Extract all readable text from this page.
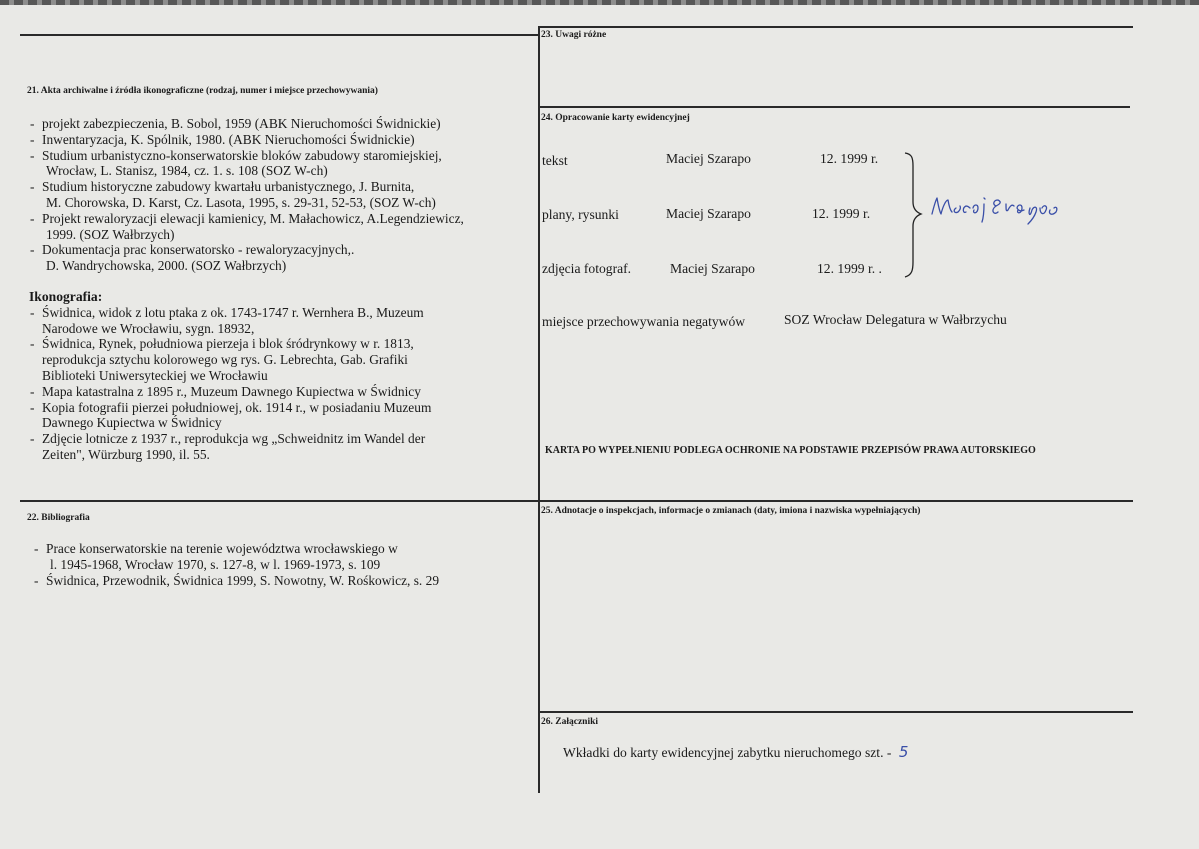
21. Akta archiwalne i źródła ikonograficzne (rodzaj, numer i miejsce przechowywania)
- projekt zabezpieczenia, B. Sobol, 1959 (ABK Nieruchomości Świdnickie)
- Inwentaryzacja, K. Spólnik, 1980. (ABK Nieruchomości Świdnickie)
- Studium urbanistyczno-konserwatorskie bloków zabudowy staromiejskiej,
Wrocław, L. Stanisz, 1984, cz. 1. s. 108 (SOZ W-ch)
- Studium historyczne zabudowy kwartału urbanistycznego, J. Burnita,
M. Chorowska, D. Karst, Cz. Lasota, 1995, s. 29-31, 52-53, (SOZ W-ch)
- Projekt rewaloryzacji elewacji kamienicy, M. Małachowicz, A.Legendziewicz,
1999. (SOZ Wałbrzych)
- Dokumentacja prac konserwatorsko - rewaloryzacyjnych,.
D. Wandrychowska, 2000. (SOZ Wałbrzych)
Ikonografia:
- Świdnica, widok z lotu ptaka z ok. 1743-1747 r. Wernhera B., Muzeum
Narodowe we Wrocławiu, sygn. 18932,
- Świdnica, Rynek, południowa pierzeja i blok śródrynkowy w r. 1813,
reprodukcja sztychu kolorowego wg rys. G. Lebrechta, Gab. Grafiki
Biblioteki Uniwersyteckiej we Wrocławiu
- Mapa katastralna z 1895 r., Muzeum Dawnego Kupiectwa w Świdnicy
- Kopia fotografii pierzei południowej, ok. 1914 r., w posiadaniu Muzeum
Dawnego Kupiectwa w Świdnicy
- Zdjęcie lotnicze z 1937 r., reprodukcja wg „Schweidnitz im Wandel der
Zeiten", Würzburg 1990, il. 55.
22. Bibliografia
- Prace konserwatorskie na terenie województwa wrocławskiego w
l. 1945-1968, Wrocław 1970, s. 127-8, w l. 1969-1973, s. 109
- Świdnica, Przewodnik, Świdnica 1999, S. Nowotny, W. Rośkowicz, s. 29
23. Uwagi różne
24. Opracowanie karty ewidencyjnej
tekst	Maciej Szarapo	12. 1999 r.
plany, rysunki	Maciej Szarapo	12. 1999 r.
zdjęcia fotograf.	Maciej Szarapo	12. 1999 r. .
miejsce przechowywania negatywów	SOZ Wrocław Delegatura w Wałbrzychu
KARTA PO WYPEŁNIENIU PODLEGA OCHRONIE NA PODSTAWIE PRZEPISÓW PRAWA AUTORSKIEGO
25. Adnotacje o inspekcjach, informacje o zmianach (daty, imiona i nazwiska wypełniających)
26. Załączniki
Wkładki do karty ewidencyjnej zabytku nieruchomego szt. - 5
